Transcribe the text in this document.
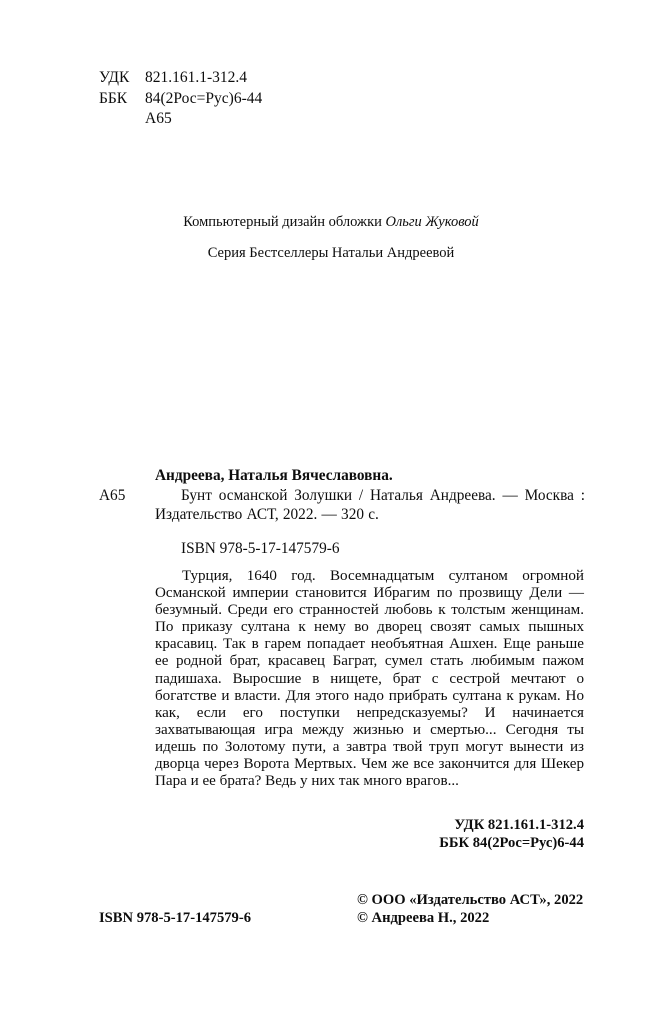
УДК 821.161.1-312.4
ББК 84(2Рос=Рус)6-44
А65
Компьютерный дизайн обложки Ольги Жуковой
Серия Бестселлеры Натальи Андреевой
Андреева, Наталья Вячеславовна.
А65	Бунт османской Золушки / Наталья Андреева. — Москва : Издательство АСТ, 2022. — 320 с.
ISBN 978-5-17-147579-6
Турция, 1640 год. Восемнадцатым султаном огромной Османской империи становится Ибрагим по прозвищу Дели — безумный. Среди его странностей любовь к толстым женщинам. По приказу султана к нему во дворец свозят самых пышных красавиц. Так в гарем попадает необъятная Ашхен. Еще раньше ее родной брат, красавец Баграт, сумел стать любимым пажом падишаха. Выросшие в нищете, брат с сестрой мечтают о богатстве и власти. Для этого надо прибрать султана к рукам. Но как, если его поступки непредсказуемы? И начинается захватывающая игра между жизнью и смертью... Сегодня ты идешь по Золотому пути, а завтра твой труп могут вынести из дворца через Ворота Мертвых. Чем же все закончится для Шекер Пара и ее брата? Ведь у них так много врагов...
УДК 821.161.1-312.4
ББК 84(2Рос=Рус)6-44
ISBN 978-5-17-147579-6
© ООО «Издательство АСТ», 2022
© Андреева Н., 2022
